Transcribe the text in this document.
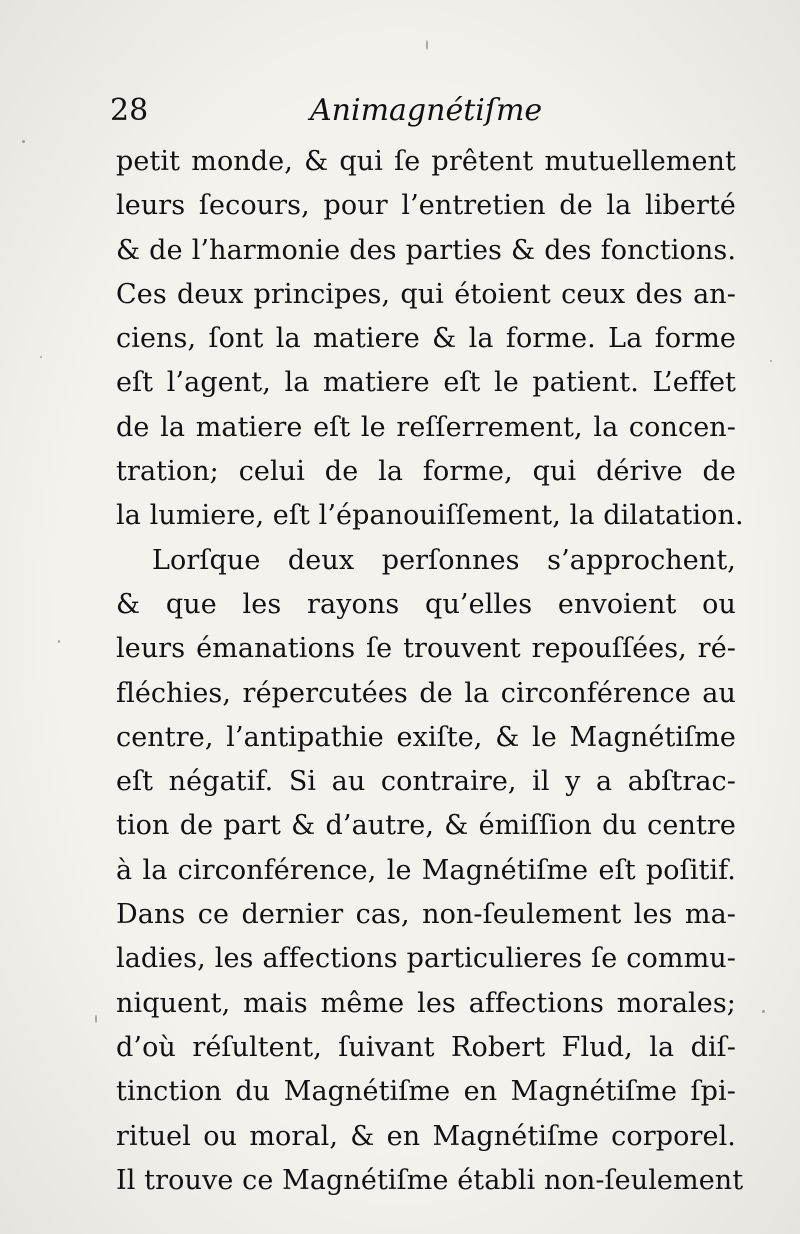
28	Animagnétiſme
petit monde, & qui ſe prêtent mutuellement
leurs ſecours, pour l’entretien de la liberté
& de l’harmonie des parties & des fonctions.
Ces deux principes, qui étoient ceux des an-
ciens, ſont la matiere & la forme. La forme
eſt l’agent, la matiere eſt le patient. L’effet
de la matiere eſt le reſſerrement, la concen-
tration; celui de la forme, qui dérive de
la lumiere, eſt l’épanouiſſement, la dilatation.
Lorſque deux perſonnes s’approchent,
& que les rayons qu’elles envoient ou
leurs émanations ſe trouvent repouſſées, ré-
fléchies, répercutées de la circonférence au
centre, l’antipathie exiſte, & le Magnétiſme
eſt négatif. Si au contraire, il y a abſtrac-
tion de part & d’autre, & émiſſion du centre
à la circonférence, le Magnétiſme eſt poſitif.
Dans ce dernier cas, non-ſeulement les ma-
ladies, les affections particulieres ſe commu-
niquent, mais même les affections morales;
d’où réſultent, ſuivant Robert Flud, la diſ-
tinction du Magnétiſme en Magnétiſme ſpi-
rituel ou moral, & en Magnétiſme corporel.
Il trouve ce Magnétiſme établi non-ſeulement
